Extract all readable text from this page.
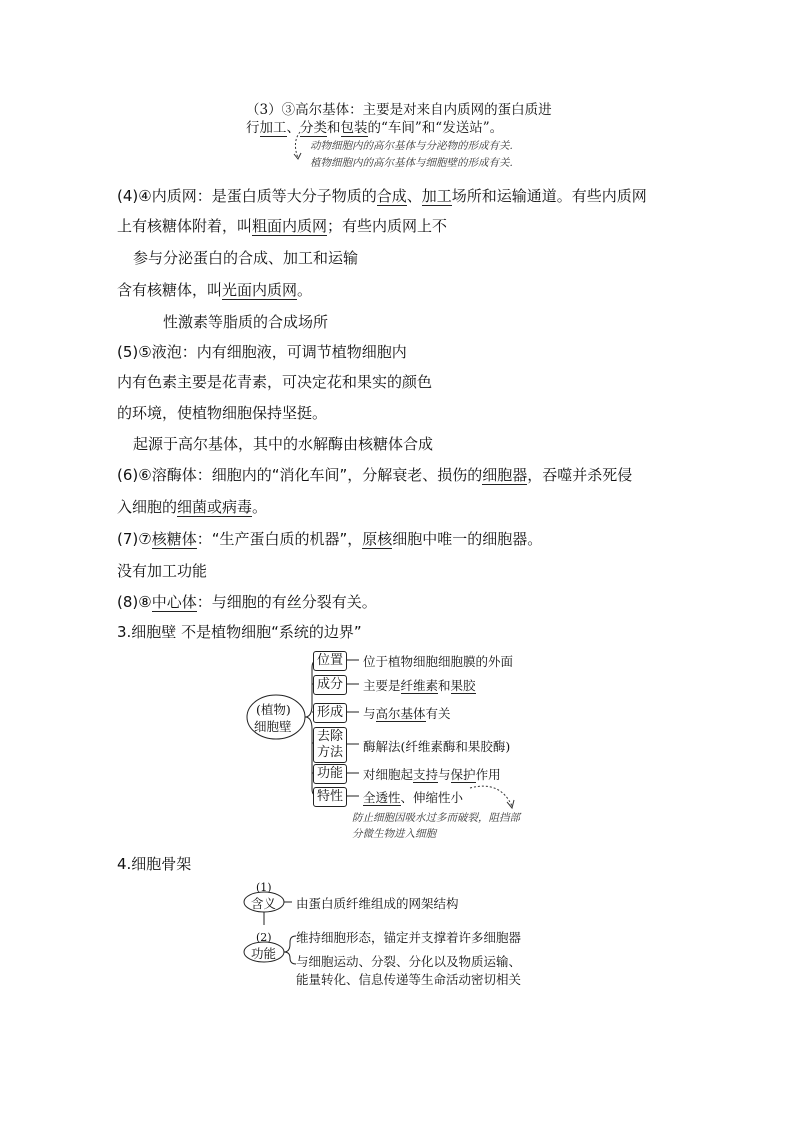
（3）③高尔基体：主要是对来自内质网的蛋白质进
行加工、分类和包装的“车间”和“发送站”。
动物细胞内的高尔基体与分泌物的形成有关.
植物细胞内的高尔基体与细胞壁的形成有关.
(4)④内质网：是蛋白质等大分子物质的合成、加工场所和运输通道。有些内质网
上有核糖体附着，叫粗面内质网；有些内质网上不
参与分泌蛋白的合成、加工和运输
含有核糖体，叫光面内质网。
性激素等脂质的合成场所
(5)⑤液泡：内有细胞液，可调节植物细胞内
内有色素主要是花青素，可决定花和果实的颜色
的环境，使植物细胞保持坚挺。
起源于高尔基体，其中的水解酶由核糖体合成
(6)⑥溶酶体：细胞内的“消化车间”，分解衰老、损伤的细胞器，吞噬并杀死侵
入细胞的细菌或病毒。
(7)⑦核糖体：“生产蛋白质的机器”，原核细胞中唯一的细胞器。
没有加工功能
(8)⑧中心体：与细胞的有丝分裂有关。
3.细胞壁 不是植物细胞“系统的边界”
(植物)
细胞壁
位置	位于植物细胞细胞膜的外面
成分	主要是纤维素和果胶
形成	与高尔基体有关
去除
方法 酶解法(纤维素酶和果胶酶)
功能	对细胞起支持与保护作用
特性	全透性、伸缩性小
防止细胞因吸水过多而破裂，阻挡部
分微生物进入细胞
4.细胞骨架
(1)
含义 由蛋白质纤维组成的网架结构
(2)
功能
维持细胞形态，锚定并支撑着许多细胞器
与细胞运动、分裂、分化以及物质运输、
能量转化、信息传递等生命活动密切相关
